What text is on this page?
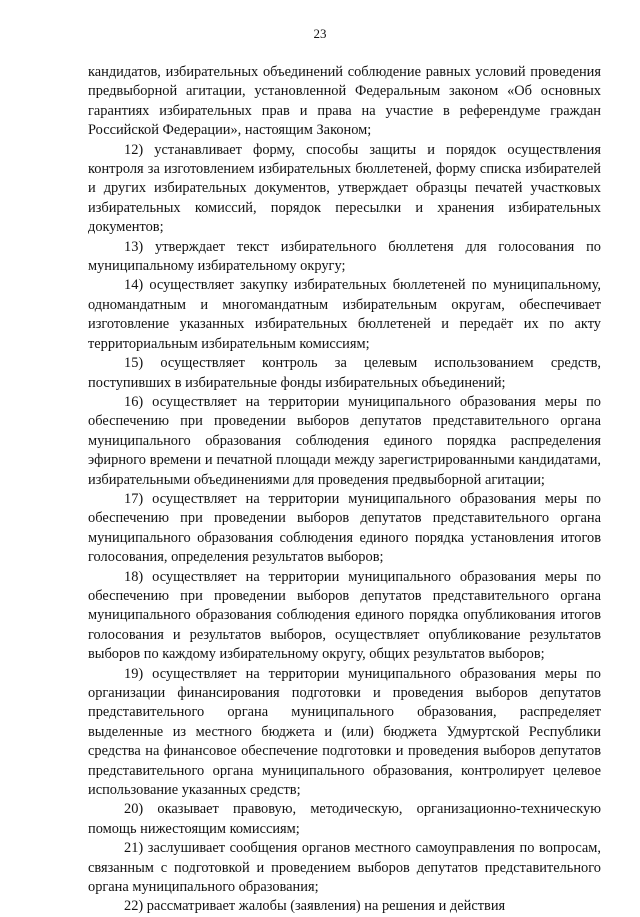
23

кандидатов, избирательных объединений соблюдение равных условий проведения предвыборной агитации, установленной Федеральным законом «Об основных гарантиях избирательных прав и права на участие в референдуме граждан Российской Федерации», настоящим Законом;

12) устанавливает форму, способы защиты и порядок осуществления контроля за изготовлением избирательных бюллетеней, форму списка избирателей и других избирательных документов, утверждает образцы печатей участковых избирательных комиссий, порядок пересылки и хранения избирательных документов;

13) утверждает текст избирательного бюллетеня для голосования по муниципальному избирательному округу;

14) осуществляет закупку избирательных бюллетеней по муниципальному, одномандатным и многомандатным избирательным округам, обеспечивает изготовление указанных избирательных бюллетеней и передаёт их по акту территориальным избирательным комиссиям;

15) осуществляет контроль за целевым использованием средств, поступивших в избирательные фонды избирательных объединений;

16) осуществляет на территории муниципального образования меры по обеспечению при проведении выборов депутатов представительного органа муниципального образования соблюдения единого порядка распределения эфирного времени и печатной площади между зарегистрированными кандидатами, избирательными объединениями для проведения предвыборной агитации;

17) осуществляет на территории муниципального образования меры по обеспечению при проведении выборов депутатов представительного органа муниципального образования соблюдения единого порядка установления итогов голосования, определения результатов выборов;

18) осуществляет на территории муниципального образования меры по обеспечению при проведении выборов депутатов представительного органа муниципального образования соблюдения единого порядка опубликования итогов голосования и результатов выборов, осуществляет опубликование результатов выборов по каждому избирательному округу, общих результатов выборов;

19) осуществляет на территории муниципального образования меры по организации финансирования подготовки и проведения выборов депутатов представительного органа муниципального образования, распределяет выделенные из местного бюджета и (или) бюджета Удмуртской Республики средства на финансовое обеспечение подготовки и проведения выборов депутатов представительного органа муниципального образования, контролирует целевое использование указанных средств;

20) оказывает правовую, методическую, организационно-техническую помощь нижестоящим комиссиям;

21) заслушивает сообщения органов местного самоуправления по вопросам, связанным с подготовкой и проведением выборов депутатов представительного органа муниципального образования;

22) рассматривает жалобы (заявления) на решения и действия
